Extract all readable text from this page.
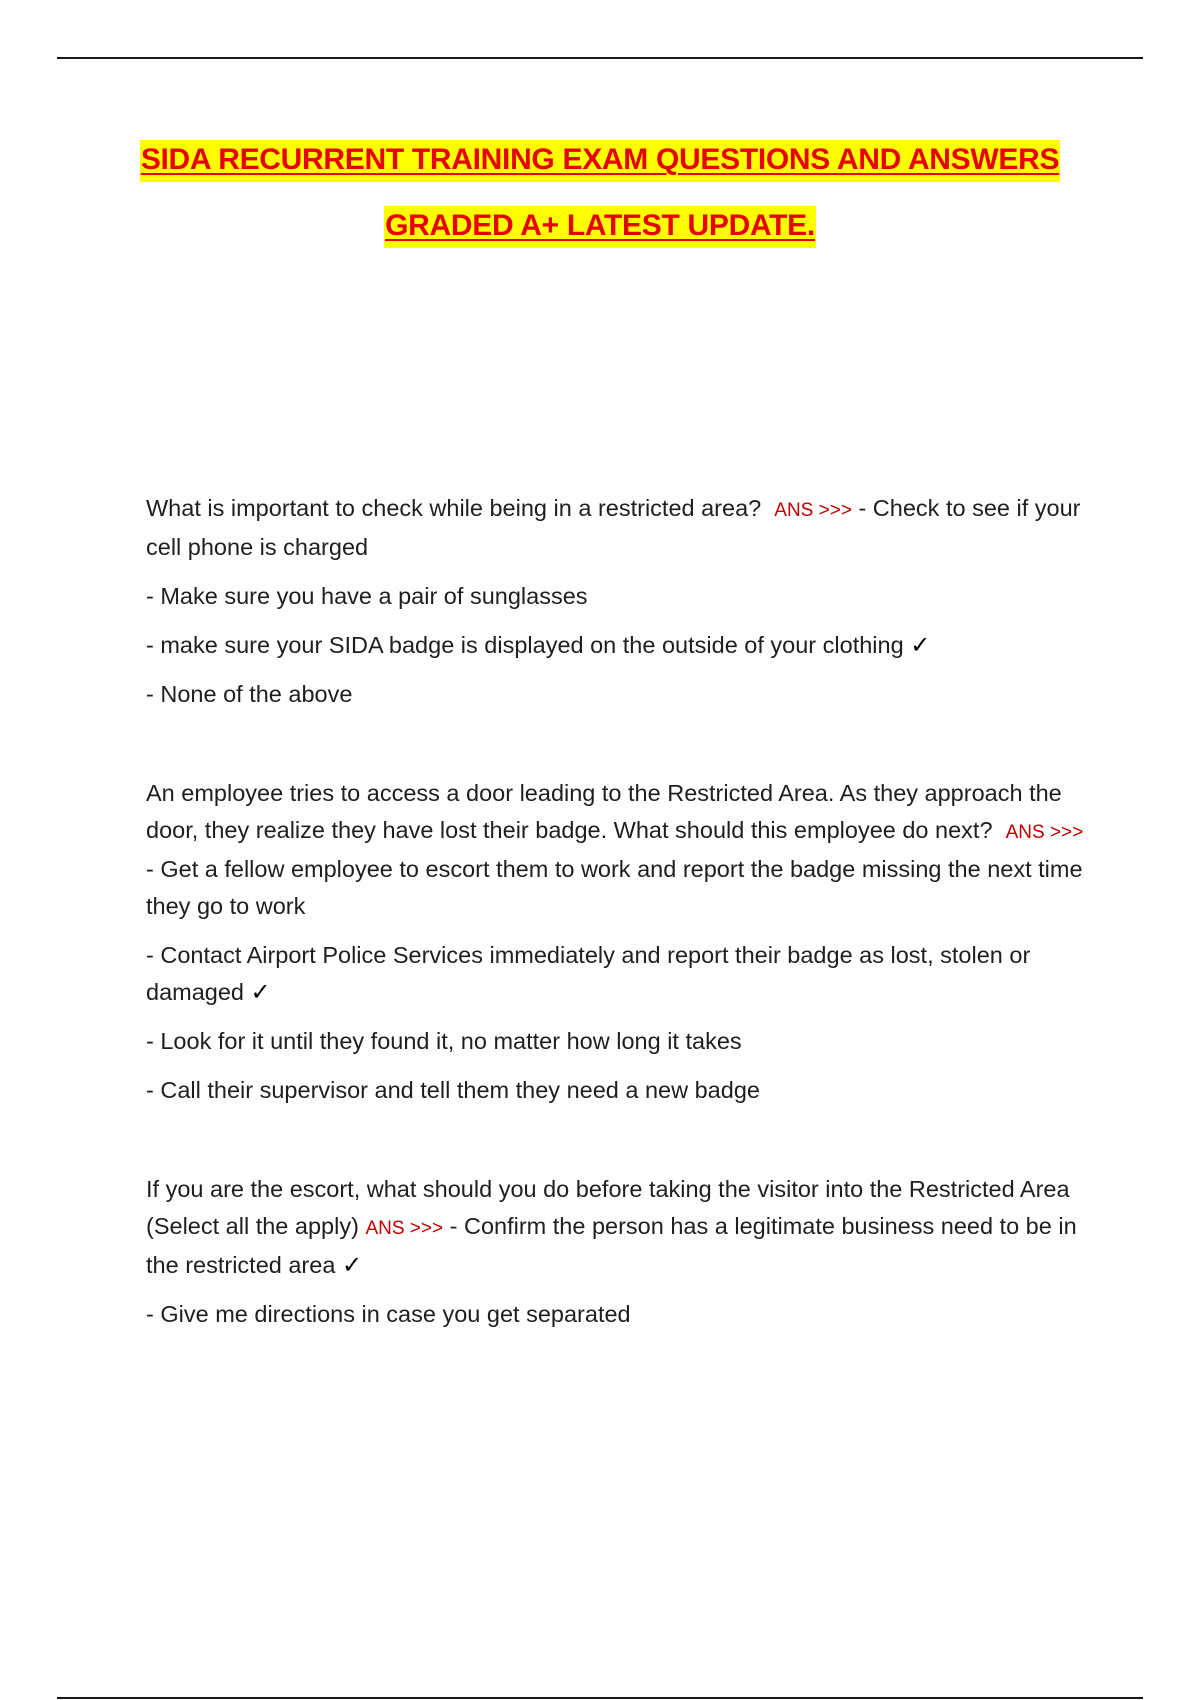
SIDA RECURRENT TRAINING EXAM QUESTIONS AND ANSWERS
GRADED A+ LATEST UPDATE.

What is important to check while being in a restricted area? ANS >>> - Check to see if your cell phone is charged

- Make sure you have a pair of sunglasses

- make sure your SIDA badge is displayed on the outside of your clothing ✓

- None of the above

An employee tries to access a door leading to the Restricted Area. As they approach the door, they realize they have lost their badge. What should this employee do next? ANS >>> - Get a fellow employee to escort them to work and report the badge missing the next time they go to work

- Contact Airport Police Services immediately and report their badge as lost, stolen or damaged ✓

- Look for it until they found it, no matter how long it takes

- Call their supervisor and tell them they need a new badge

If you are the escort, what should you do before taking the visitor into the Restricted Area (Select all the apply) ANS >>> - Confirm the person has a legitimate business need to be in the restricted area ✓

- Give me directions in case you get separated
